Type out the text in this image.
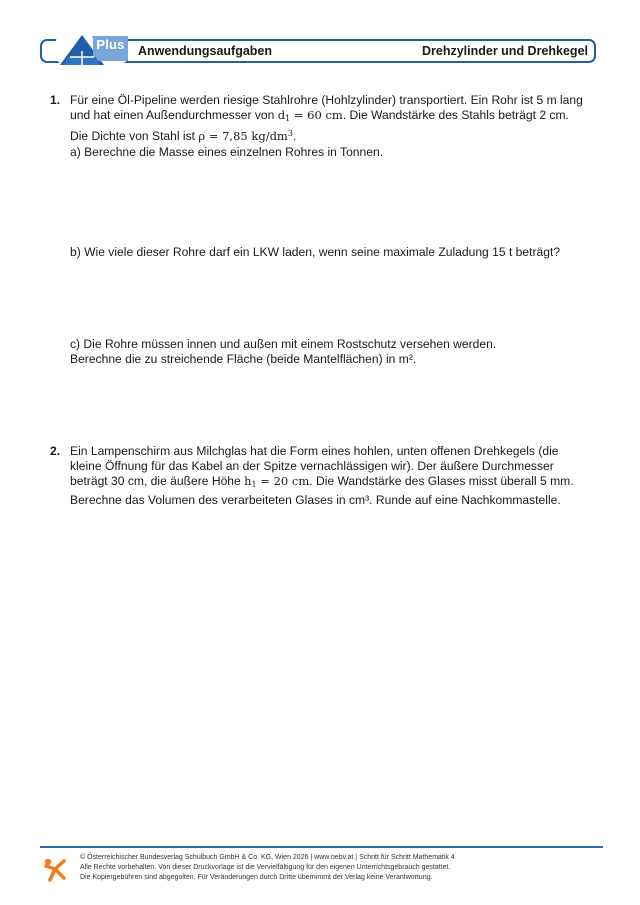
Plus Anwendungsaufgaben	Drehzylinder und Drehkegel
1. Für eine Öl-Pipeline werden riesige Stahlrohre (Hohlzylinder) transportiert. Ein Rohr ist 5 m lang
und hat einen Außendurchmesser von $d_1 = 60$ cm. Die Wandstärke des Stahls beträgt 2 cm.
Die Dichte von Stahl ist ρ = 7,85 $kg/dm^3$.
a) Berechne die Masse eines einzelnen Rohres in Tonnen.
b) Wie viele dieser Rohre darf ein LKW laden, wenn seine maximale Zuladung 15 t beträgt?
c) Die Rohre müssen innen und außen mit einem Rostschutz versehen werden.
Berechne die zu streichende Fläche (beide Mantelflächen) in m².
2. Ein Lampenschirm aus Milchglas hat die Form eines hohlen, unten offenen Drehkegels (die
kleine Öffnung für das Kabel an der Spitze vernachlässigen wir). Der äußere Durchmesser
beträgt 30 cm, die äußere Höhe $h_1 = 20$ cm. Die Wandstärke des Glases misst überall 5 mm.
Berechne das Volumen des verarbeiteten Glases in cm³. Runde auf eine Nachkommastelle.
© Österreichischer Bundesverlag Schulbuch GmbH & Co. KG, Wien 2026 | www.oebv.at | Schritt für Schritt Mathematik 4
Alle Rechte vorbehalten. Von dieser Druckvorlage ist die Vervielfältigung für den eigenen Unterrichtsgebrauch gestattet.
Die Kopiergebühren sind abgegolten. Für Veränderungen durch Dritte übernimmt der Verlag keine Verantwortung.
